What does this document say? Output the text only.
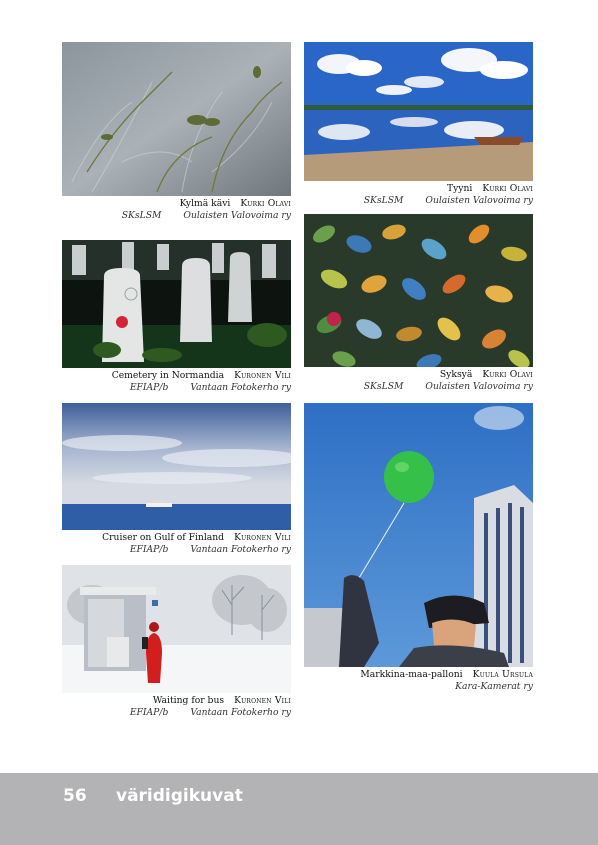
Kylmä kävi Kurki Olavi
SKsLSM Oulaisten Valovoima ry
Tyyni Kurki Olavi
SKsLSM Oulaisten Valovoima ry
Cemetery in Normandia Kuronen Vili
EFIAP/b Vantaan Fotokerho ry
Syksyä Kurki Olavi
SKsLSM Oulaisten Valovoima ry
Cruiser on Gulf of Finland Kuronen Vili
EFIAP/b Vantaan Fotokerho ry
Markkina-maa-palloni Kuula Ursula
Kara-Kamerat ry
Waiting for bus Kuronen Vili
EFIAP/b Vantaan Fotokerho ry
56 väridigikuvat
